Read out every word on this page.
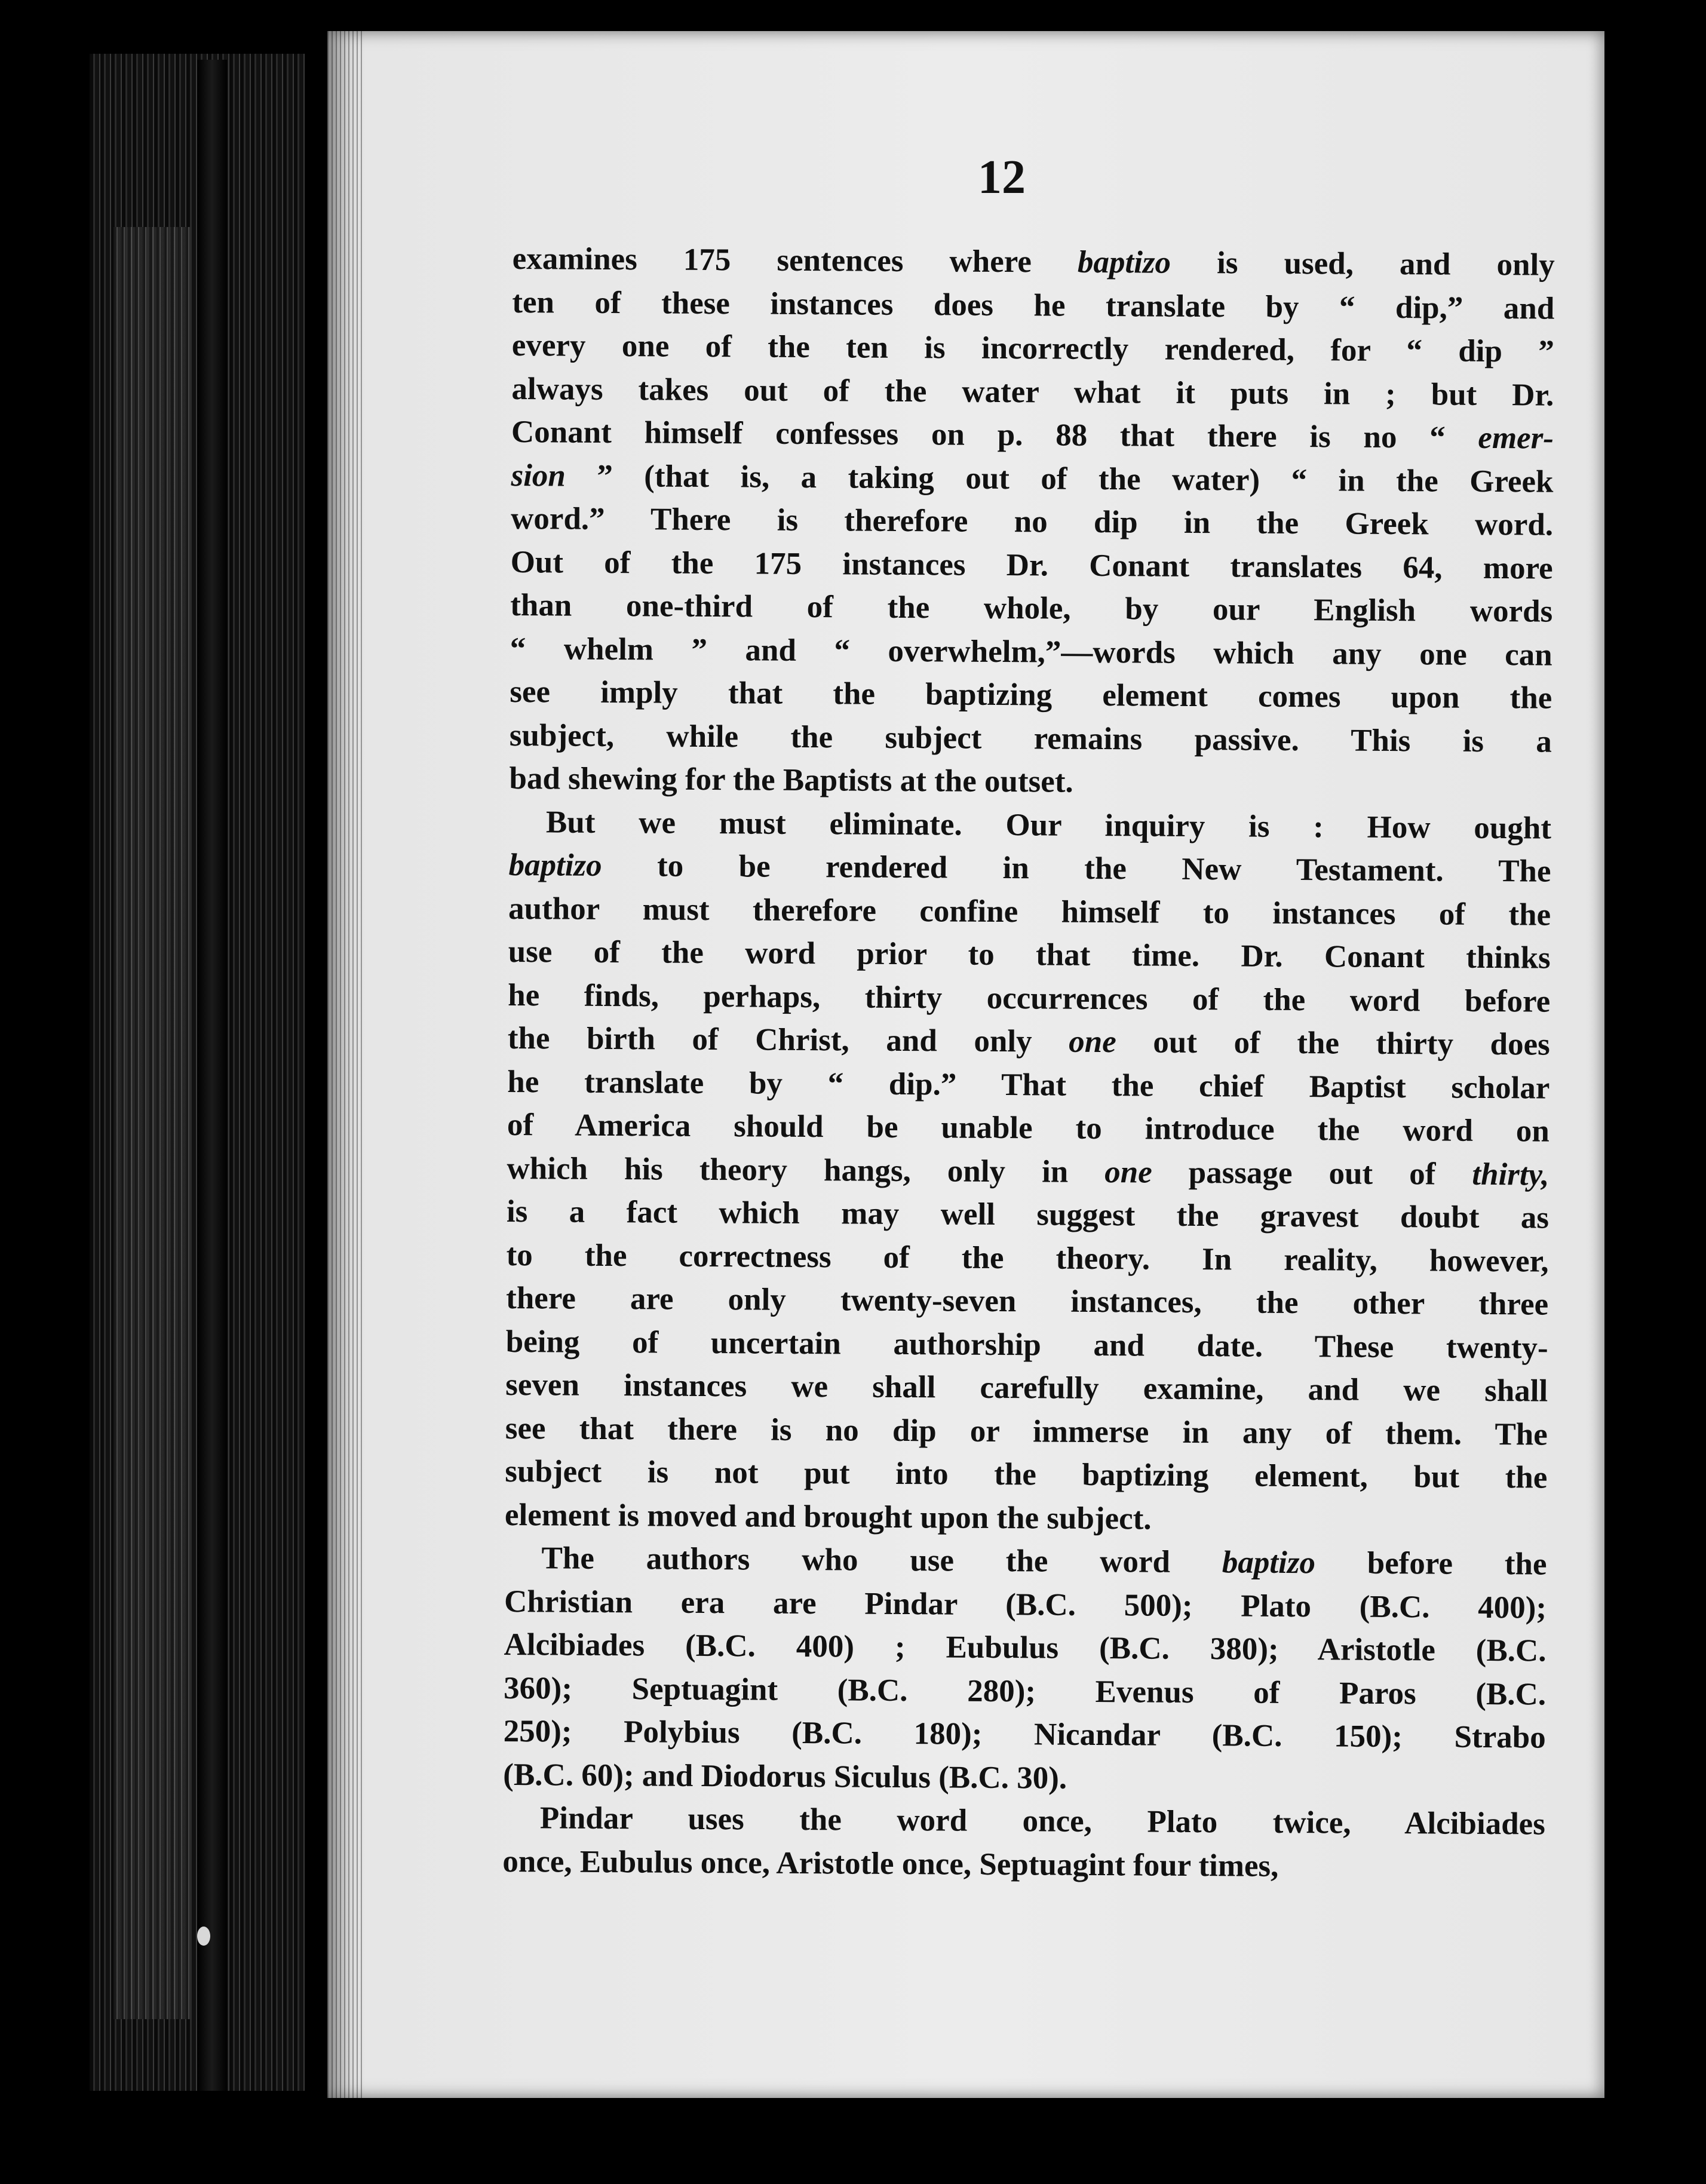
12
examines 175 sentences where baptizo is used, and only
ten of these instances does he translate by “ dip,” and
every one of the ten is incorrectly rendered, for “ dip ”
always takes out of the water what it puts in ; but Dr.
Conant himself confesses on p. 88 that there is no “ emer-
sion ” (that is, a taking out of the water) “ in the Greek
word.” There is therefore no dip in the Greek word.
Out of the 175 instances Dr. Conant translates 64, more
than one-third of the whole, by our English words
“ whelm ” and “ overwhelm,”—words which any one can
see imply that the baptizing element comes upon the
subject, while the subject remains passive. This is a
bad shewing for the Baptists at the outset.
But we must eliminate. Our inquiry is : How ought
baptizo to be rendered in the New Testament. The
author must therefore confine himself to instances of the
use of the word prior to that time. Dr. Conant thinks
he finds, perhaps, thirty occurrences of the word before
the birth of Christ, and only one out of the thirty does
he translate by “ dip.” That the chief Baptist scholar
of America should be unable to introduce the word on
which his theory hangs, only in one passage out of thirty,
is a fact which may well suggest the gravest doubt as
to the correctness of the theory. In reality, however,
there are only twenty-seven instances, the other three
being of uncertain authorship and date. These twenty-
seven instances we shall carefully examine, and we shall
see that there is no dip or immerse in any of them. The
subject is not put into the baptizing element, but the
element is moved and brought upon the subject.
The authors who use the word baptizo before the
Christian era are Pindar (B.C. 500); Plato (B.C. 400);
Alcibiades (B.C. 400) ; Eubulus (B.C. 380); Aristotle (B.C.
360); Septuagint (B.C. 280); Evenus of Paros (B.C.
250); Polybius (B.C. 180); Nicandar (B.C. 150); Strabo
(B.C. 60); and Diodorus Siculus (B.C. 30).
Pindar uses the word once, Plato twice, Alcibiades
once, Eubulus once, Aristotle once, Septuagint four times,
